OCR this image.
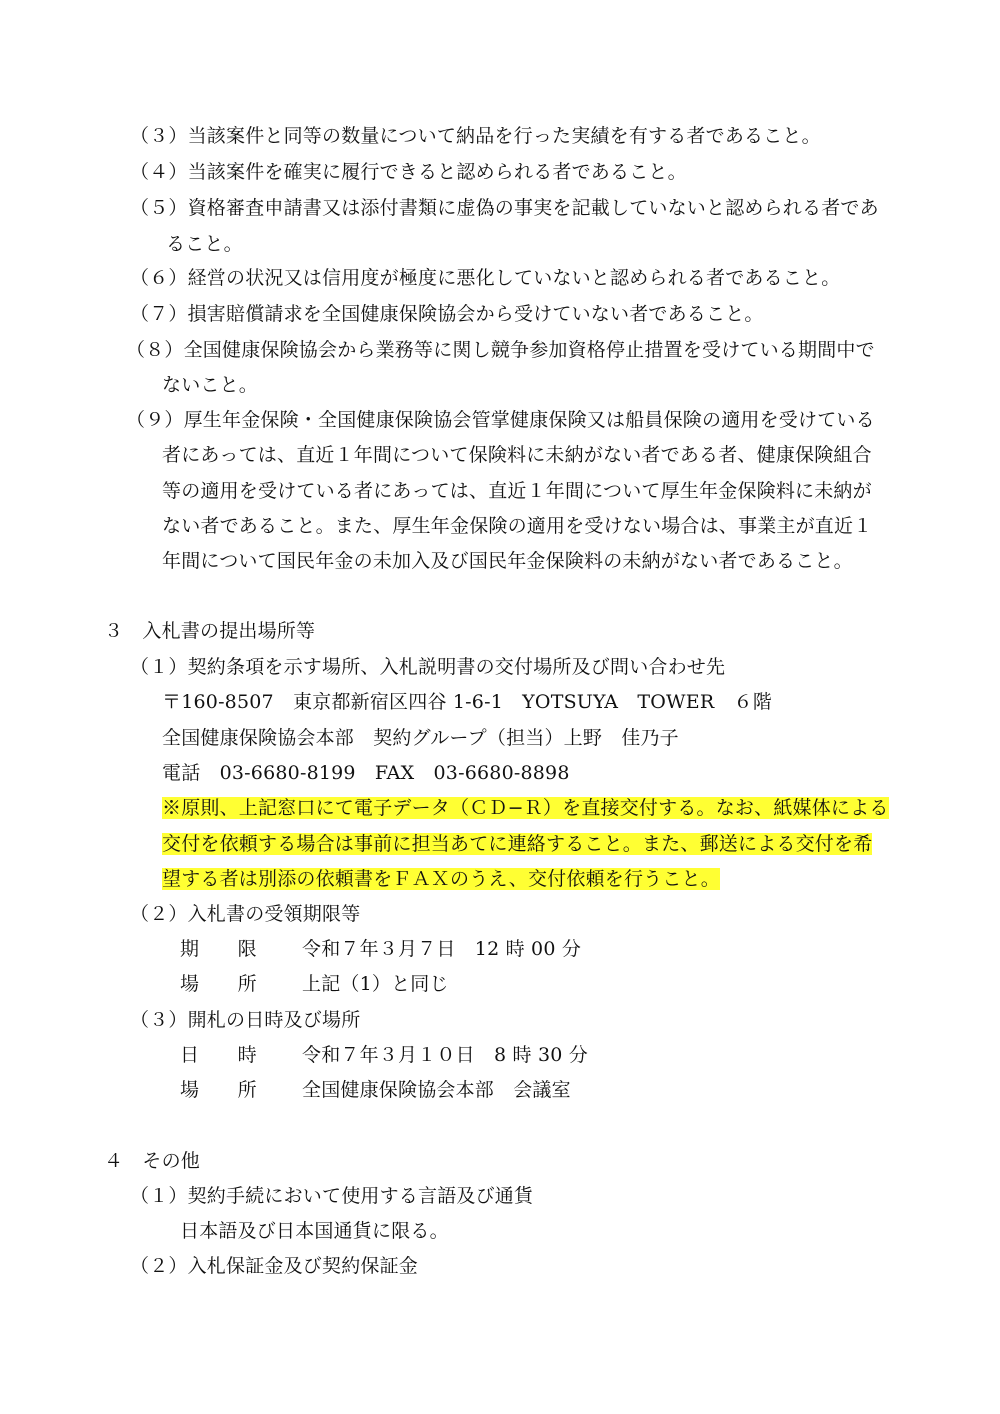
（３）当該案件と同等の数量について納品を行った実績を有する者であること。
（４）当該案件を確実に履行できると認められる者であること。
（５）資格審査申請書又は添付書類に虚偽の事実を記載していないと認められる者であ
ること。
（６）経営の状況又は信用度が極度に悪化していないと認められる者であること。
（７）損害賠償請求を全国健康保険協会から受けていない者であること。
（８）全国健康保険協会から業務等に関し競争参加資格停止措置を受けている期間中で
ないこと。
（９）厚生年金保険・全国健康保険協会管掌健康保険又は船員保険の適用を受けている
者にあっては、直近１年間について保険料に未納がない者である者、健康保険組合
等の適用を受けている者にあっては、直近１年間について厚生年金保険料に未納が
ない者であること。また、厚生年金保険の適用を受けない場合は、事業主が直近１
年間について国民年金の未加入及び国民年金保険料の未納がない者であること。
３　 入札書の提出場所等
（１）契約条項を示す場所、入札説明書の交付場所及び問い合わせ先
〒160-8507　東京都新宿区四谷 1-6-1　YOTSUYA　TOWER　６階
全国健康保険協会本部　契約グループ（担当）上野　佳乃子
電話　03-6680-8199　FAX　03-6680-8898
※原則、上記窓口にて電子データ（ＣＤ−Ｒ）を直接交付する。なお、紙媒体による
交付を依頼する場合は事前に担当あてに連絡すること。また、郵送による交付を希
望する者は別添の依頼書をＦＡＸのうえ、交付依頼を行うこと。
（２）入札書の受領期限等
期　　限 令和７年３月７日　12 時 00 分
場　　所 上記（1）と同じ
（３）開札の日時及び場所
日　　時 令和７年３月１０日　8 時 30 分
場　　所 全国健康保険協会本部　会議室
４　 その他
（１）契約手続において使用する言語及び通貨
日本語及び日本国通貨に限る。
（２）入札保証金及び契約保証金
